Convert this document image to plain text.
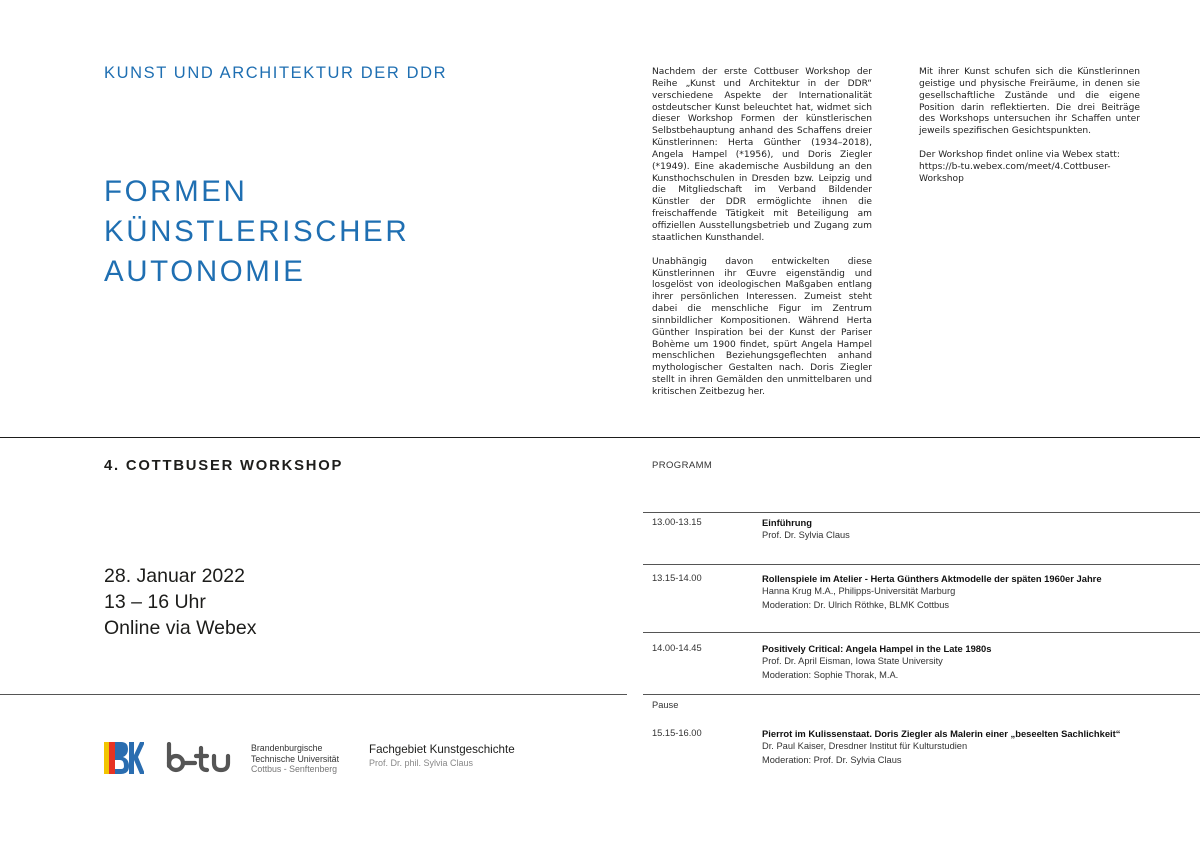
KUNST UND ARCHITEKTUR DER DDR
FORMEN
KÜNSTLERISCHER
AUTONOMIE

Nachdem der erste Cottbuser Workshop der Reihe „Kunst und Architektur in der DDR“ verschiedene Aspekte der Internationalität ostdeutscher Kunst beleuchtet hat, widmet sich dieser Workshop Formen der künstlerischen Selbstbehauptung anhand des Schaffens dreier Künstlerinnen: Herta Günther (1934–2018), Angela Hampel (*1956), und Doris Ziegler (*1949). Eine akademische Ausbildung an den Kunsthochschulen in Dresden bzw. Leipzig und die Mitgliedschaft im Verband Bildender Künstler der DDR ermöglichte ihnen die freischaffende Tätigkeit mit Beteiligung am offiziellen Ausstellungsbetrieb und Zugang zum staatlichen Kunsthandel.

Unabhängig davon entwickelten diese Künstlerinnen ihr Œuvre eigenständig und losgelöst von ideologischen Maßgaben entlang ihrer persönlichen Interessen. Zumeist steht dabei die menschliche Figur im Zentrum sinnbildlicher Kompositionen. Während Herta Günther Inspiration bei der Kunst der Pariser Bohème um 1900 findet, spürt Angela Hampel menschlichen Beziehungsgeflechten anhand mythologischer Gestalten nach. Doris Ziegler stellt in ihren Gemälden den unmittelbaren und kritischen Zeitbezug her.

Mit ihrer Kunst schufen sich die Künstlerinnen geistige und physische Freiräume, in denen sie gesellschaftliche Zustände und die eigene Position darin reflektierten. Die drei Beiträge des Workshops untersuchen ihr Schaffen unter jeweils spezifischen Gesichtspunkten.

Der Workshop findet online via Webex statt: https://b-tu.webex.com/meet/4.Cottbuser-Workshop

4. COTTBUSER WORKSHOP
28. Januar 2022
13 – 16 Uhr
Online via Webex
PROGRAMM
13.00-13.15	Einführung
Prof. Dr. Sylvia Claus
13.15-14.00	Rollenspiele im Atelier - Herta Günthers Aktmodelle der späten 1960er Jahre
Hanna Krug M.A., Philipps-Universität Marburg
Moderation: Dr. Ulrich Röthke, BLMK Cottbus
14.00-14.45	Positively Critical: Angela Hampel in the Late 1980s
Prof. Dr. April Eisman, Iowa State University
Moderation: Sophie Thorak, M.A.
Pause
15.15-16.00	Pierrot im Kulissenstaat. Doris Ziegler als Malerin einer „beseelten Sachlichkeit“
Dr. Paul Kaiser, Dresdner Institut für Kulturstudien
Moderation: Prof. Dr. Sylvia Claus
Brandenburgische
Technische Universität
Cottbus - Senftenberg
Fachgebiet Kunstgeschichte
Prof. Dr. phil. Sylvia Claus
